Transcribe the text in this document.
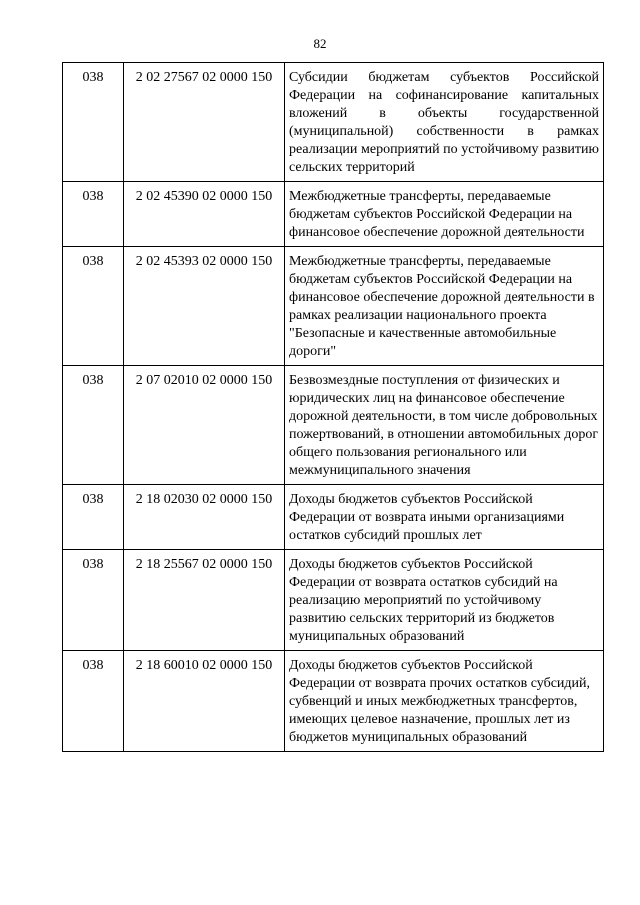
82
038	2 02 27567 02 0000 150	Субсидии бюджетам субъектов Российской Федерации на софинансирование капитальных вложений в объекты государственной (муниципальной) собственности в рамках реализации мероприятий по устойчивому развитию сельских территорий
038	2 02 45390 02 0000 150	Межбюджетные трансферты, передаваемые бюджетам субъектов Российской Федерации на финансовое обеспечение дорожной деятельности
038	2 02 45393 02 0000 150	Межбюджетные трансферты, передаваемые бюджетам субъектов Российской Федерации на финансовое обеспечение дорожной деятельности в рамках реализации национального проекта "Безопасные и качественные автомобильные дороги"
038	2 07 02010 02 0000 150	Безвозмездные поступления от физических и юридических лиц на финансовое обеспечение дорожной деятельности, в том числе добровольных пожертвований, в отношении автомобильных дорог общего пользования регионального или межмуниципального значения
038	2 18 02030 02 0000 150	Доходы бюджетов субъектов Российской Федерации от возврата иными организациями остатков субсидий прошлых лет
038	2 18 25567 02 0000 150	Доходы бюджетов субъектов Российской Федерации от возврата остатков субсидий на реализацию мероприятий по устойчивому развитию сельских территорий из бюджетов муниципальных образований
038	2 18 60010 02 0000 150	Доходы бюджетов субъектов Российской Федерации от возврата прочих остатков субсидий, субвенций и иных межбюджетных трансфертов, имеющих целевое назначение, прошлых лет из бюджетов муниципальных образований
